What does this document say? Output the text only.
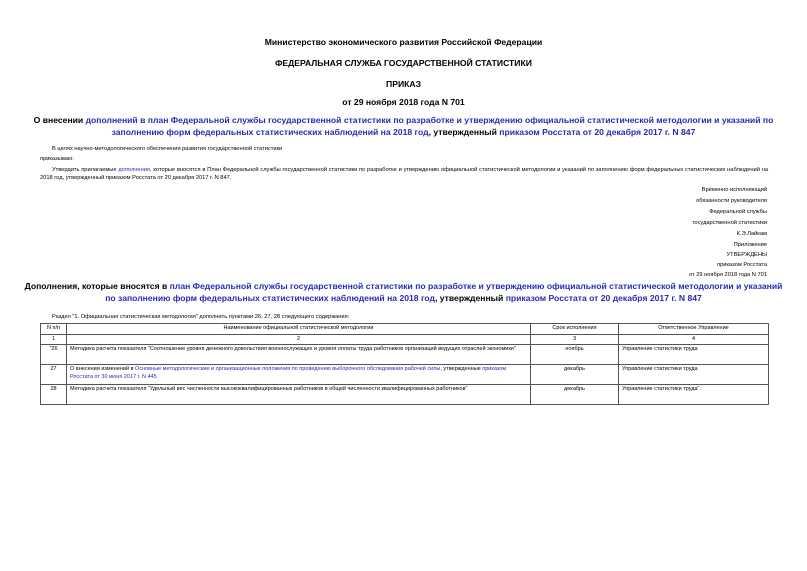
Министерство экономического развития Российской Федерации
ФЕДЕРАЛЬНАЯ СЛУЖБА ГОСУДАРСТВЕННОЙ СТАТИСТИКИ
ПРИКАЗ
от 29 ноября 2018 года N 701
О внесении дополнений в план Федеральной службы государственной статистики по разработке и утверждению официальной статистической методологии и указаний по заполнению форм федеральных статистических наблюдений на 2018 год, утвержденный приказом Росстата от 20 декабря 2017 г. N 847
В целях научно-методологического обеспечения развития государственной статистики
приказываю:
Утвердить прилагаемые дополнения, которые вносятся в План Федеральной службы государственной статистики по разработке и утверждению официальной статистической методологии и указаний по заполнению форм федеральных статистических наблюдений на 2018 год, утвержденный приказом Росстата от 20 декабря 2017 г. N 847.
Временно исполняющий
обязанности руководителя
Федеральной службы
государственной статистики
К.Э.Лайкам
Приложение
УТВЕРЖДЕНЫ
приказом Росстата
от 29 ноября 2018 года N 701
Дополнения, которые вносятся в план Федеральной службы государственной статистики по разработке и утверждению официальной статистической методологии и указаний по заполнению форм федеральных статистических наблюдений на 2018 год, утвержденный приказом Росстата от 20 декабря 2017 г. N 847
Раздел "1. Официальная статистическая методология" дополнить пунктами 26, 27, 28 следующего содержания:
N п/п	Наименование официальной статистической методологии	Срок исполнения	Ответственное Управление
1	2	3	4
"26	Методика расчета показателя "Соотношение уровня денежного довольствия военнослужащих и уровня оплаты труда работников организаций ведущих отраслей экономики"	ноябрь	Управление статистики труда
27	О внесении изменений в Основные методологические и организационные положения по проведению выборочного обследования рабочей силы, утвержденные приказом Росстата от 30 июня 2017 г. N 445	декабрь	Управление статистики труда
28	Методика расчета показателя "Удельный вес численности высококвалифицированных работников в общей численности квалифицированных работников"	декабрь	Управление статистики труда".
